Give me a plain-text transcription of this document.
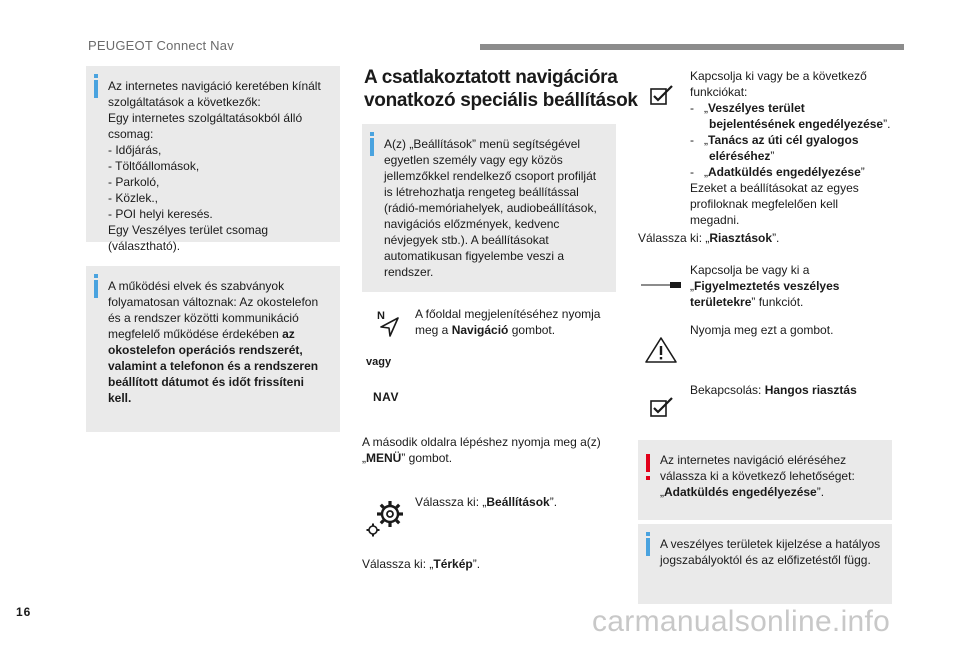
PEUGEOT Connect Nav

Az internetes navigáció keretében kínált

szolgáltatások a következők:

Egy internetes szolgáltatásokból álló

csomag:

- Időjárás,

- Töltőállomások,

- Parkoló,

- Közlek.,

- POI helyi keresés.

Egy Veszélyes terület csomag (választható).

A működési elvek és szabványok

folyamatosan változnak: Az okostelefon

és a rendszer közötti kommunikáció

megfelelő működése érdekében az

okostelefon operációs rendszerét,

valamint a telefonon és a rendszeren

beállított dátumot és időt frissíteni kell.

A csatlakoztatott navigációra
vonatkozó speciális beállítások

A(z) „Beállítások” menü segítségével

egyetlen személy vagy egy közös

jellemzőkkel rendelkező csoport profilját

is létrehozhatja rengeteg beállítással

(rádió-memóriahelyek, audiobeállítások,

navigációs előzmények, kedvenc

névjegyek stb.). A beállításokat

automatikusan figyelembe veszi a

rendszer.

N
vagy
NAV

A főoldal megjelenítéséhez nyomja

meg a Navigáció gombot.

A második oldalra lépéshez nyomja meg a(z)

„MENÜ” gombot.

Válassza ki: „Beállítások”.

Válassza ki: „Térkép”.

Kapcsolja ki vagy be a következő

funkciókat:

- „Veszélyes terület

bejelentésének engedélyezése”.

- „Tanács az úti cél gyalogos

eléréséhez”

- „Adatküldés engedélyezése”

Ezeket a beállításokat az egyes

profiloknak megfelelően kell

megadni.

Válassza ki: „Riasztások”.

Kapcsolja be vagy ki a

„Figyelmeztetés veszélyes

területekre” funkciót.

Nyomja meg ezt a gombot.

Bekapcsolás: Hangos riasztás

Az internetes navigáció eléréséhez

válassza ki a következő lehetőséget:

„Adatküldés engedélyezése”.

A veszélyes területek kijelzése a hatályos

jogszabályoktól és az előfizetéstől függ.

16	carmanualsonline.info
